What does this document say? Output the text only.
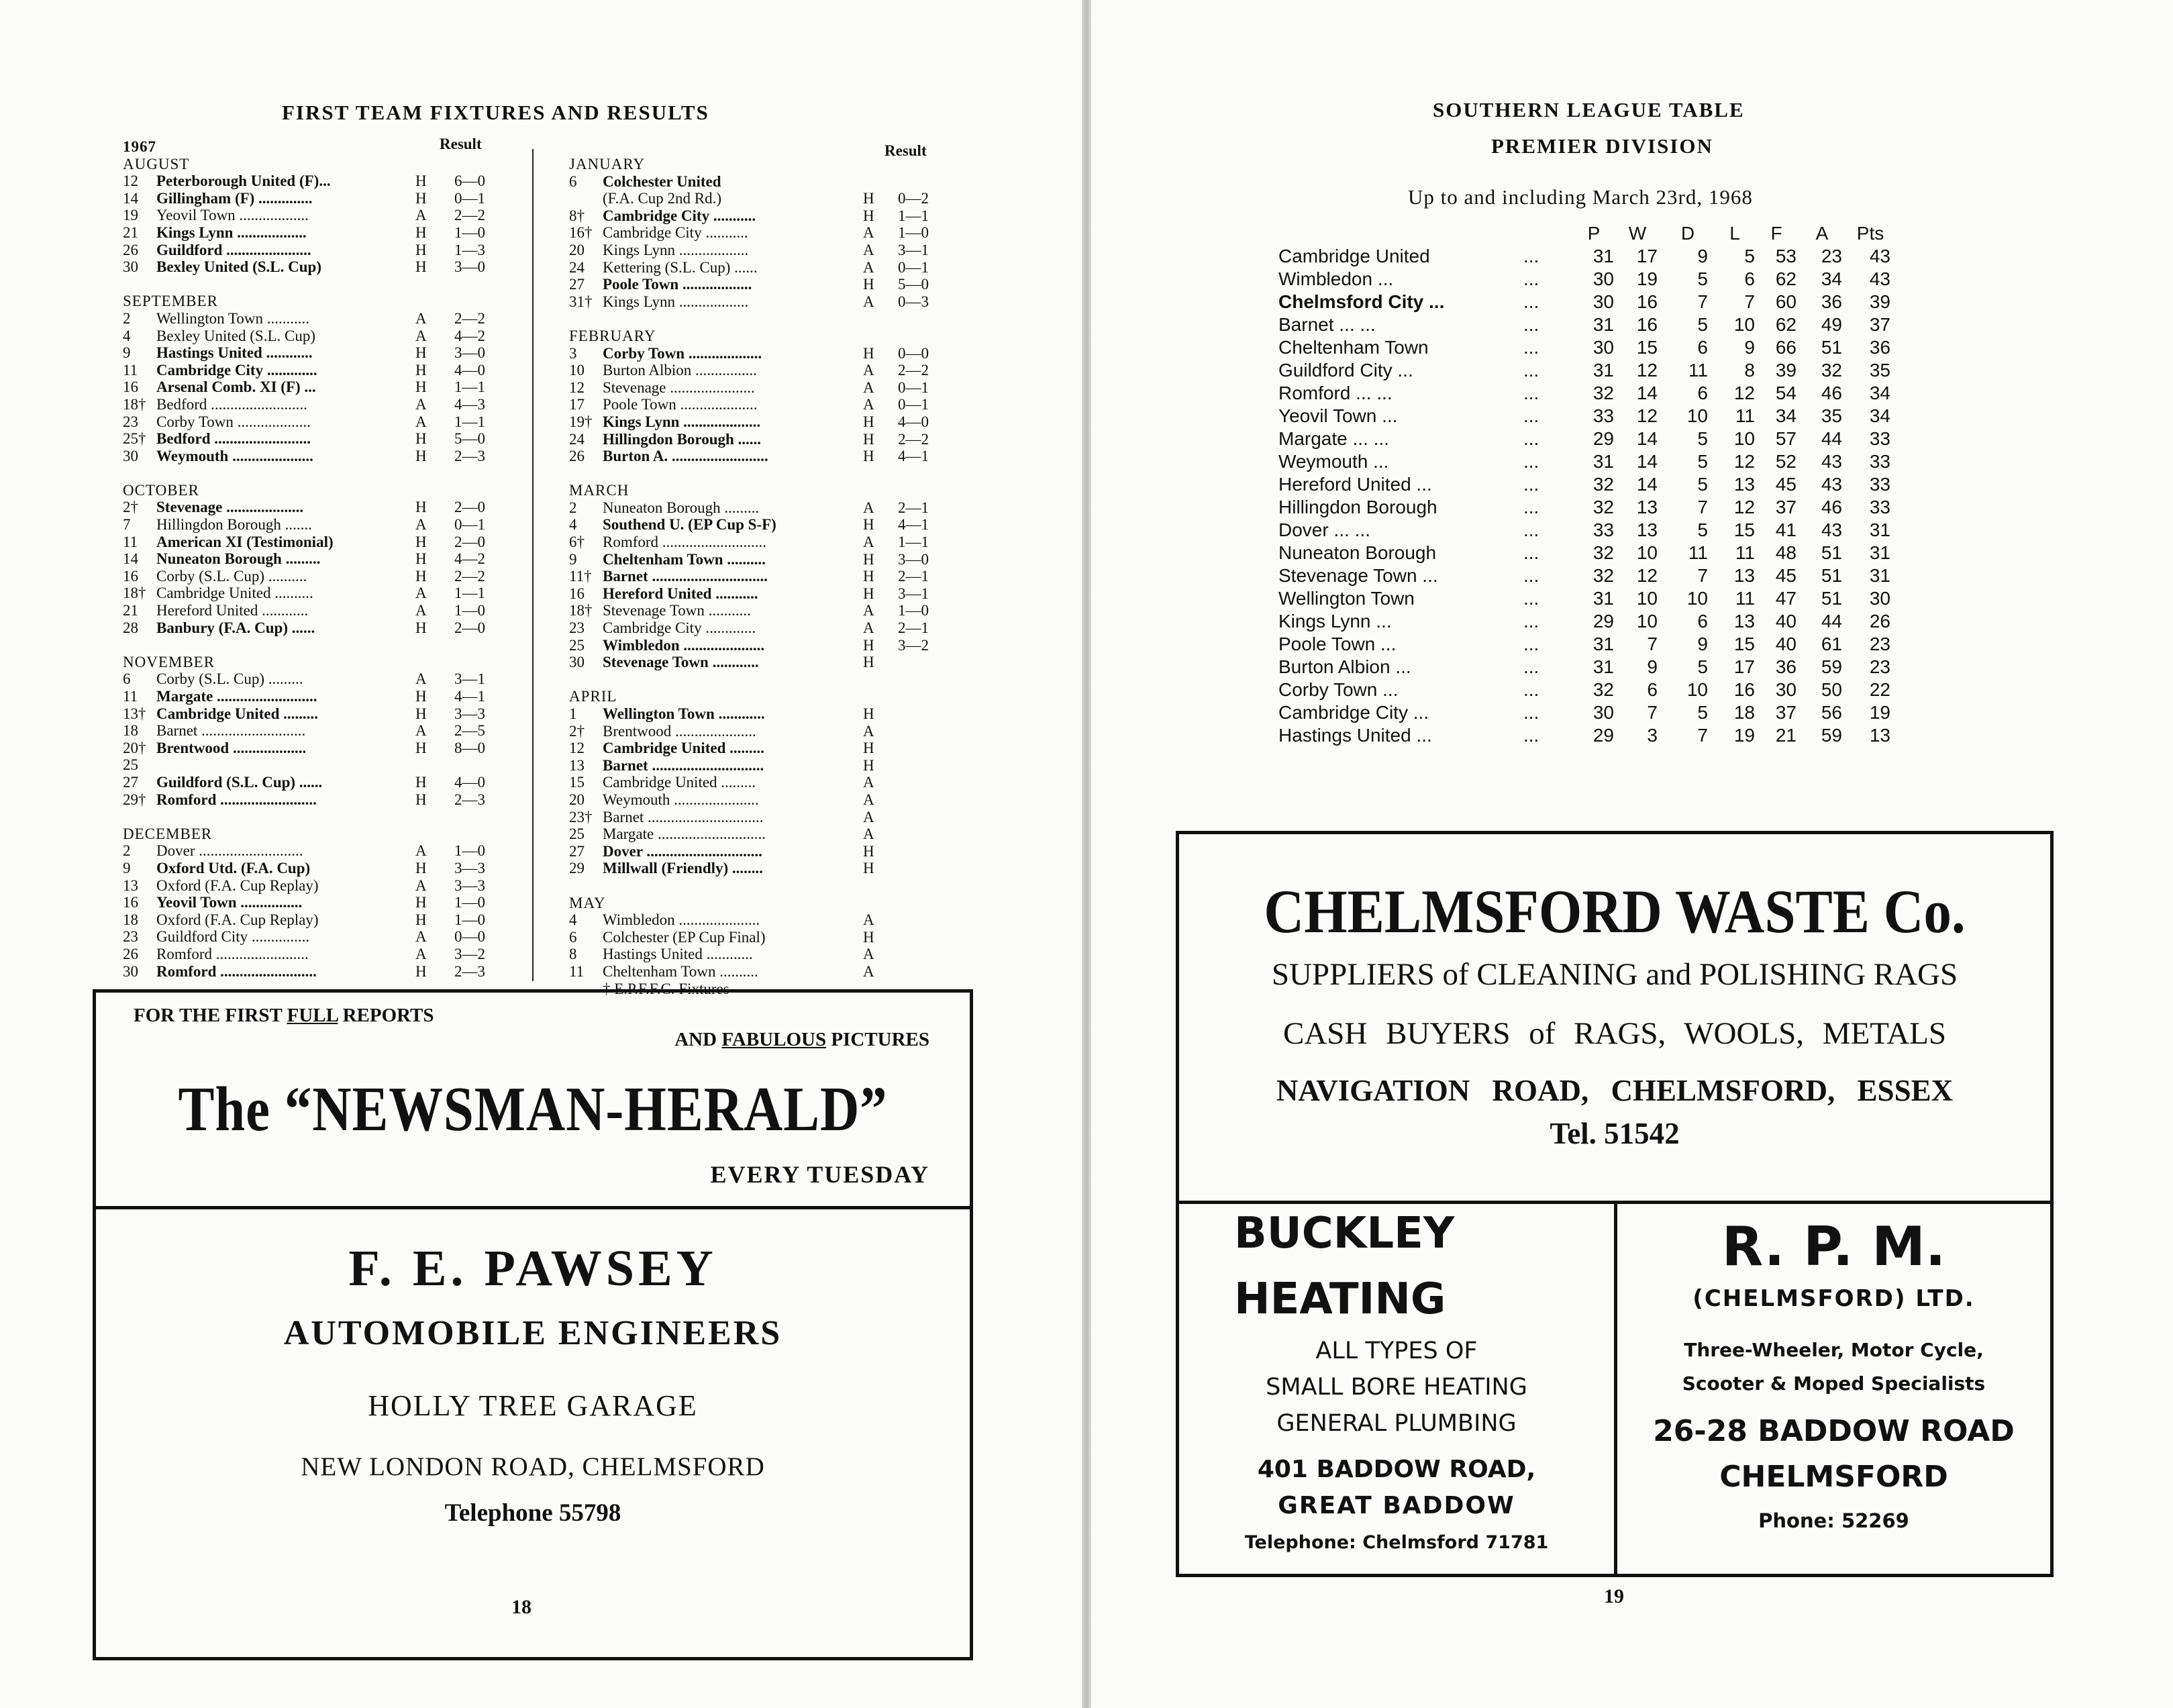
FIRST TEAM FIXTURES AND RESULTS
Result	Result
1967
AUGUST
12	Peterborough United (F)...	H 6—0
14	Gillingham (F) ..............	H 0—1
19	Yeovil Town ..................	A 2—2
21	Kings Lynn ..................	H 1—0
26	Guildford ......................	H 1—3
30	Bexley United (S.L. Cup)	H 3—0
SEPTEMBER
2	Wellington Town ...........	A 2—2
4	Bexley United (S.L. Cup)	A 4—2
9	Hastings United ............	H 3—0
11	Cambridge City .............	H 4—0
16	Arsenal Comb. XI (F) ...	H 1—1
18† Bedford .........................	A 4—3
23	Corby Town ...................	A 1—1
25† Bedford .........................	H 5—0
30	Weymouth .....................	H 2—3
OCTOBER
2†	Stevenage ....................	H 2—0
7	Hillingdon Borough .......	A 0—1
11	American XI (Testimonial)	H 2—0
14	Nuneaton Borough .........	H 4—2
16	Corby (S.L. Cup) ..........	H 2—2
18† Cambridge United ..........	A 1—1
21	Hereford United ............	A 1—0
28	Banbury (F.A. Cup) ......	H 2—0
NOVEMBER
6	Corby (S.L. Cup) .........	A 3—1
11	Margate ..........................	H 4—1
13† Cambridge United .........	H 3—3
18	Barnet ...........................	A 2—5
20† Brentwood ...................	H 8—0
25
27	Guildford (S.L. Cup) ......	H 4—0
29† Romford .........................	H 2—3
DECEMBER
2	Dover ...........................	A 1—0
9	Oxford Utd. (F.A. Cup)	H 3—3
13	Oxford (F.A. Cup Replay)	A 3—3
16	Yeovil Town ................	H 1—0
18	Oxford (F.A. Cup Replay)	H 1—0
23	Guildford City ...............	A 0—0
26	Romford ........................	A 3—2
30	Romford .........................	H 2—3
JANUARY
6	Colchester United
(F.A. Cup 2nd Rd.)	H 0—2
8†	Cambridge City ...........	H 1—1
16† Cambridge City ...........	A 1—0
20	Kings Lynn ..................	A 3—1
24	Kettering (S.L. Cup) ......	A 0—1
27	Poole Town ..................	H 5—0
31† Kings Lynn ..................	A 0—3
FEBRUARY
3	Corby Town ...................	H 0—0
10	Burton Albion ................	A 2—2
12	Stevenage ......................	A 0—1
17	Poole Town ....................	A 0—1
19† Kings Lynn ....................	H 4—0
24	Hillingdon Borough ......	H 2—2
26	Burton A. .........................	H 4—1
MARCH
2	Nuneaton Borough .........	A 2—1
4	Southend U. (EP Cup S-F)	H 4—1
6†	Romford ...........................	A 1—1
9	Cheltenham Town ..........	H 3—0
11† Barnet ..............................	H 2—1
16	Hereford United ...........	H 3—1
18† Stevenage Town ...........	A 1—0
23	Cambridge City .............	A 2—1
25	Wimbledon .....................	H 3—2
30	Stevenage Town ............	H
APRIL
1	Wellington Town ............	H
2†	Brentwood .....................	A
12	Cambridge United .........	H
13	Barnet .............................	H
15	Cambridge United .........	A
20	Weymouth ......................	A
23† Barnet ..............................	A
25	Margate ............................	A
27	Dover ..............................	H
29	Millwall (Friendly) ........	H
MAY
4	Wimbledon .....................	A
6	Colchester (EP Cup Final)	H
8	Hastings United ............	A
11	Cheltenham Town ..........	A
† E.P.F.F.C. Fixtures
FOR THE FIRST FULL REPORTS
AND FABULOUS PICTURES
The “NEWSMAN-HERALD”
EVERY TUESDAY
F. E. PAWSEY
AUTOMOBILE ENGINEERS
HOLLY TREE GARAGE
NEW LONDON ROAD, CHELMSFORD
Telephone 55798
18
SOUTHERN LEAGUE TABLE
PREMIER DIVISION
Up to and including March 23rd, 1968
P	W	D	L	F	A	Pts
Cambridge United	...	31	17	9	5	53	23	43
Wimbledon ...	...	30	19	5	6	62	34	43
Chelmsford City ...	...	30	16	7	7	60	36	39
Barnet ... ...	...	31	16	5	10	62	49	37
Cheltenham Town	...	30	15	6	9	66	51	36
Guildford City ...	...	31	12	11	8	39	32	35
Romford ... ...	...	32	14	6	12	54	46	34
Yeovil Town ...	...	33	12	10	11	34	35	34
Margate ... ...	...	29	14	5	10	57	44	33
Weymouth ...	...	31	14	5	12	52	43	33
Hereford United ...	...	32	14	5	13	45	43	33
Hillingdon Borough	...	32	13	7	12	37	46	33
Dover ... ...	...	33	13	5	15	41	43	31
Nuneaton Borough	...	32	10	11	11	48	51	31
Stevenage Town ...	...	32	12	7	13	45	51	31
Wellington Town	...	31	10	10	11	47	51	30
Kings Lynn ...	...	29	10	6	13	40	44	26
Poole Town ...	...	31	7	9	15	40	61	23
Burton Albion ...	...	31	9	5	17	36	59	23
Corby Town ...	...	32	6	10	16	30	50	22
Cambridge City ...	...	30	7	5	18	37	56	19
Hastings United ...	...	29	3	7	19	21	59	13
CHELMSFORD WASTE Co.
SUPPLIERS of CLEANING and POLISHING RAGS
CASH BUYERS of RAGS, WOOLS, METALS
NAVIGATION ROAD, CHELMSFORD, ESSEX
Tel. 51542
BUCKLEY
HEATING
ALL TYPES OF
SMALL BORE HEATING
GENERAL PLUMBING
401 BADDOW ROAD,
GREAT BADDOW
Telephone: Chelmsford 71781
R. P. M.
(CHELMSFORD) LTD.
Three-Wheeler, Motor Cycle,
Scooter & Moped Specialists
26-28 BADDOW ROAD
CHELMSFORD
Phone: 52269
19
